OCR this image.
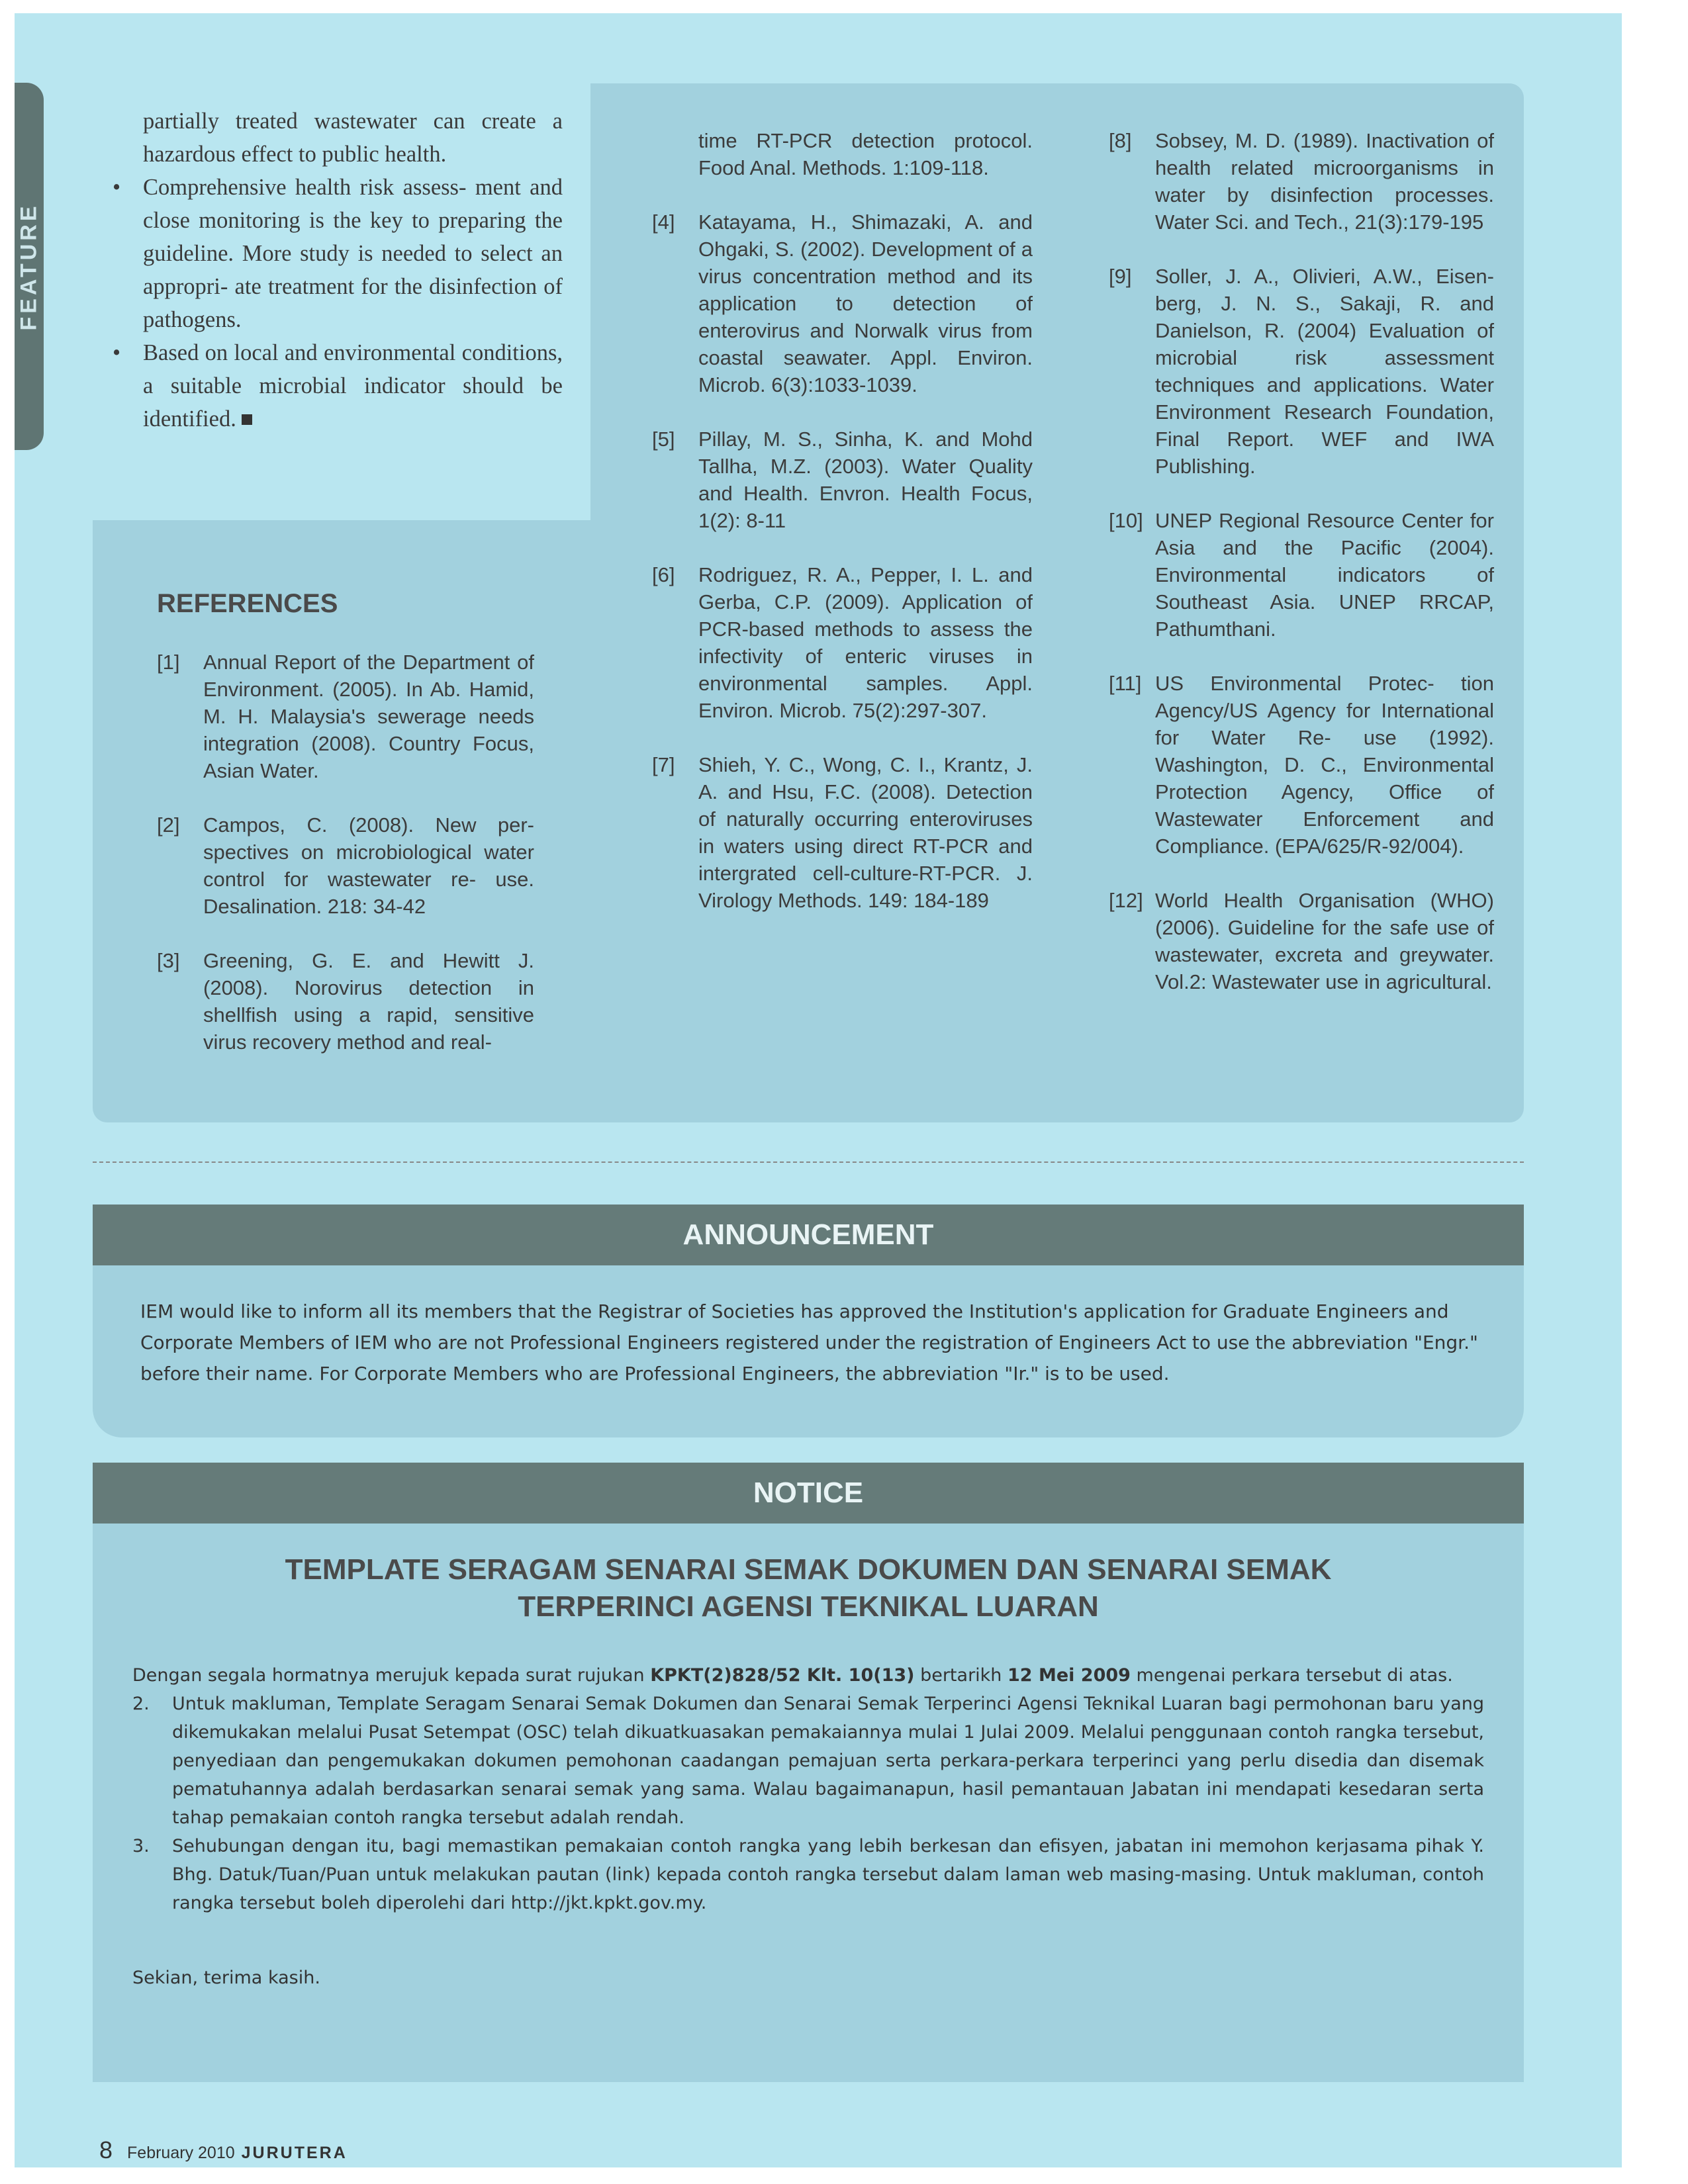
FEATURE
partially treated wastewater can create a hazardous effect to public health.
• Comprehensive health risk assess- ment and close monitoring is the key to preparing the guideline. More study is needed to select an appropri- ate treatment for the disinfection of pathogens.
• Based on local and environmental conditions, a suitable microbial indicator should be identified.
REFERENCES
[1] Annual Report of the Department of Environment. (2005). In Ab. Hamid, M. H. Malaysia's sewerage needs integration (2008). Country Focus, Asian Water.
[2] Campos, C. (2008). New per- spectives on microbiological water control for wastewater re- use. Desalination. 218: 34-42
[3] Greening, G. E. and Hewitt J. (2008). Norovirus detection in shellfish using a rapid, sensitive virus recovery method and real-
time RT-PCR detection protocol. Food Anal. Methods. 1:109-118.
[4] Katayama, H., Shimazaki, A. and Ohgaki, S. (2002). Development of a virus concentration method and its application to detection of enterovirus and Norwalk virus from coastal seawater. Appl. Environ. Microb. 6(3):1033-1039.
[5] Pillay, M. S., Sinha, K. and Mohd Tallha, M.Z. (2003). Water Quality and Health. Envron. Health Focus, 1(2): 8-11
[6] Rodriguez, R. A., Pepper, I. L. and Gerba, C.P. (2009). Application of PCR-based methods to assess the infectivity of enteric viruses in environmental samples. Appl. Environ. Microb. 75(2):297-307.
[7] Shieh, Y. C., Wong, C. I., Krantz, J. A. and Hsu, F.C. (2008). Detection of naturally occurring enteroviruses in waters using direct RT-PCR and intergrated cell-culture-RT-PCR. J. Virology Methods. 149: 184-189
[8] Sobsey, M. D. (1989). Inactivation of health related microorganisms in water by disinfection processes. Water Sci. and Tech., 21(3):179-195
[9] Soller, J. A., Olivieri, A.W., Eisen- berg, J. N. S., Sakaji, R. and Danielson, R. (2004) Evaluation of microbial risk assessment techniques and applications. Water Environment Research Foundation, Final Report. WEF and IWA Publishing.
[10] UNEP Regional Resource Center for Asia and the Pacific (2004). Environmental indicators of Southeast Asia. UNEP RRCAP, Pathumthani.
[11] US Environmental Protec- tion Agency/US Agency for International for Water Re- use (1992). Washington, D. C., Environmental Protection Agency, Office of Wastewater Enforcement and Compliance. (EPA/625/R-92/004).
[12] World Health Organisation (WHO) (2006). Guideline for the safe use of wastewater, excreta and greywater. Vol.2: Wastewater use in agricultural.
ANNOUNCEMENT
IEM would like to inform all its members that the Registrar of Societies has approved the Institution's application for Graduate Engineers and Corporate Members of IEM who are not Professional Engineers registered under the registration of Engineers Act to use the abbreviation "Engr." before their name. For Corporate Members who are Professional Engineers, the abbreviation "Ir." is to be used.
NOTICE
TEMPLATE SERAGAM SENARAI SEMAK DOKUMEN DAN SENARAI SEMAK
TERPERINCI AGENSI TEKNIKAL LUARAN

Dengan segala hormatnya merujuk kepada surat rujukan KPKT(2)828/52 Klt. 10(13) bertarikh 12 Mei 2009 mengenai perkara tersebut di atas.

2. Untuk makluman, Template Seragam Senarai Semak Dokumen dan Senarai Semak Terperinci Agensi Teknikal Luaran bagi permohonan baru yang dikemukakan melalui Pusat Setempat (OSC) telah dikuatkuasakan pemakaiannya mulai 1 Julai 2009. Melalui penggunaan contoh rangka tersebut, penyediaan dan pengemukakan dokumen pemohonan caadangan pemajuan serta perkara-perkara terperinci yang perlu disedia dan disemak pematuhannya adalah berdasarkan senarai semak yang sama. Walau bagaimanapun, hasil pemantauan Jabatan ini mendapati kesedaran serta tahap pemakaian contoh rangka tersebut adalah rendah.

3. Sehubungan dengan itu, bagi memastikan pemakaian contoh rangka yang lebih berkesan dan efisyen, jabatan ini memohon kerjasama pihak Y. Bhg. Datuk/Tuan/Puan untuk melakukan pautan (link) kepada contoh rangka tersebut dalam laman web masing-masing. Untuk makluman, contoh rangka tersebut boleh diperolehi dari http://jkt.kpkt.gov.my.

Sekian, terima kasih.

8 February 2010 JURUTERA
